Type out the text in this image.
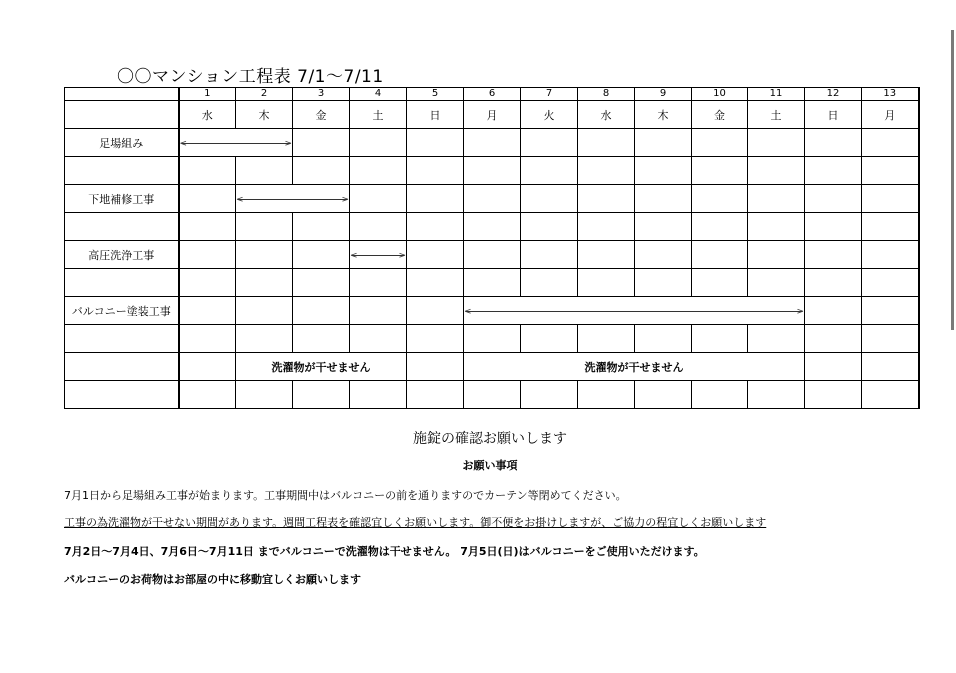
〇〇マンション工程表 7/1～7/11
	1	2	3	4	5	6	7	8	9	10	11	12	13
	水	木	金	土	日	月	火	水	木	金	土	日	月
足場組み	< >												

下地補修工事		< >											

高圧洗浄工事				< >									

バルコニー塗装工事						< >							

		洗濯物が干せません				洗濯物が干せません							

施錠の確認お願いします
お願い事項
7月1日から足場組み工事が始まります。工事期間中はバルコニーの前を通りますのでカーテン等閉めてください。
工事の為洗濯物が干せない期間があります。週間工程表を確認宜しくお願いします。御不便をお掛けしますが、ご協力の程宜しくお願いします
7月2日～7月4日、7月6日～7月11日 までバルコニーで洗濯物は干せません。 7月5日(日)はバルコニーをご使用いただけます。
バルコニーのお荷物はお部屋の中に移動宜しくお願いします
